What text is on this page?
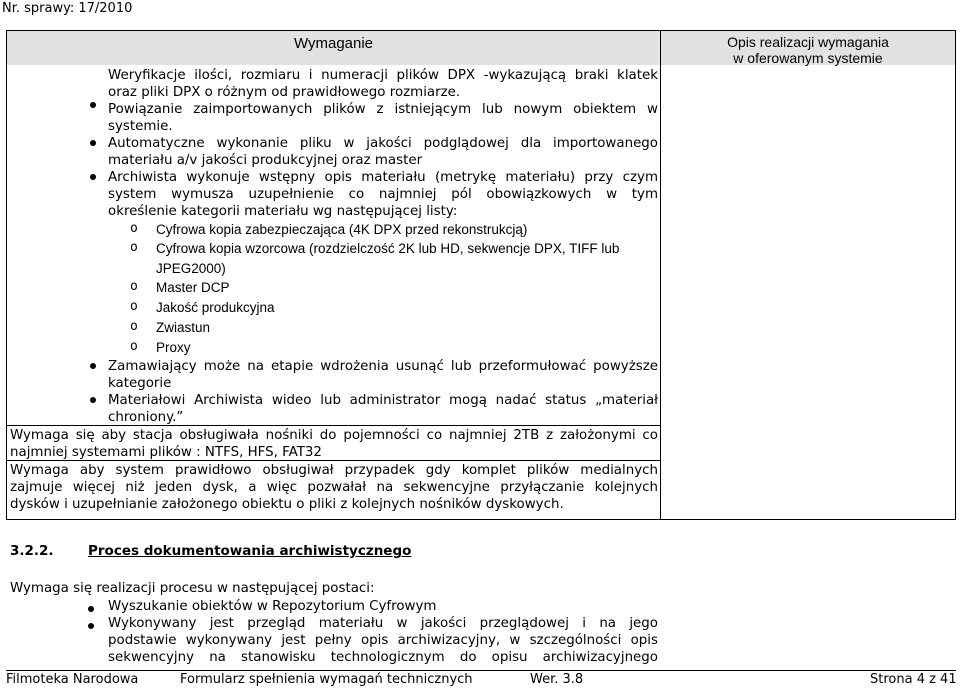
Nr. sprawy: 17/2010
Wymaganie	Opis realizacji wymagania
w oferowanym systemie
Weryfikacje ilości, rozmiaru i numeracji plików DPX -wykazującą braki klatek
oraz pliki DPX o różnym od prawidłowego rozmiarze.
Powiązanie zaimportowanych plików z istniejącym lub nowym obiektem w
systemie.
Automatyczne wykonanie pliku w jakości podglądowej dla importowanego
materiału a/v jakości produkcyjnej oraz master
Archiwista wykonuje wstępny opis materiału (metrykę materiału) przy czym
system wymusza uzupełnienie co najmniej pól obowiązkowych w tym
określenie kategorii materiału wg następującej listy:
o Cyfrowa kopia zabezpieczająca (4K DPX przed rekonstrukcją)
o Cyfrowa kopia wzorcowa (rozdzielczość 2K lub HD, sekwencje DPX, TIFF lub
JPEG2000)
o Master DCP
o Jakość produkcyjna
o Zwiastun
o Proxy
Zamawiający może na etapie wdrożenia usunąć lub przeformułować powyższe
kategorie
Materiałowi Archiwista wideo lub administrator mogą nadać status „materiał
chroniony.”
Wymaga się aby stacja obsługiwała nośniki do pojemności co najmniej 2TB z założonymi co
najmniej systemami plików : NTFS, HFS, FAT32
Wymaga aby system prawidłowo obsługiwał przypadek gdy komplet plików medialnych
zajmuje więcej niż jeden dysk, a więc pozwałał na sekwencyjne przyłączanie kolejnych
dysków i uzupełnianie założonego obiektu o pliki z kolejnych nośników dyskowych.
3.2.2.	Proces dokumentowania archiwistycznego
Wymaga się realizacji procesu w następującej postaci:
Wyszukanie obiektów w Repozytorium Cyfrowym
Wykonywany jest przegląd materiału w jakości przeglądowej i na jego
podstawie wykonywany jest pełny opis archiwizacyjny, w szczególności opis
sekwencyjny na stanowisku technologicznym do opisu archiwizacyjnego
Filmoteka Narodowa	Formularz spełnienia wymagań technicznych	Wer. 3.8	Strona 4 z 41
